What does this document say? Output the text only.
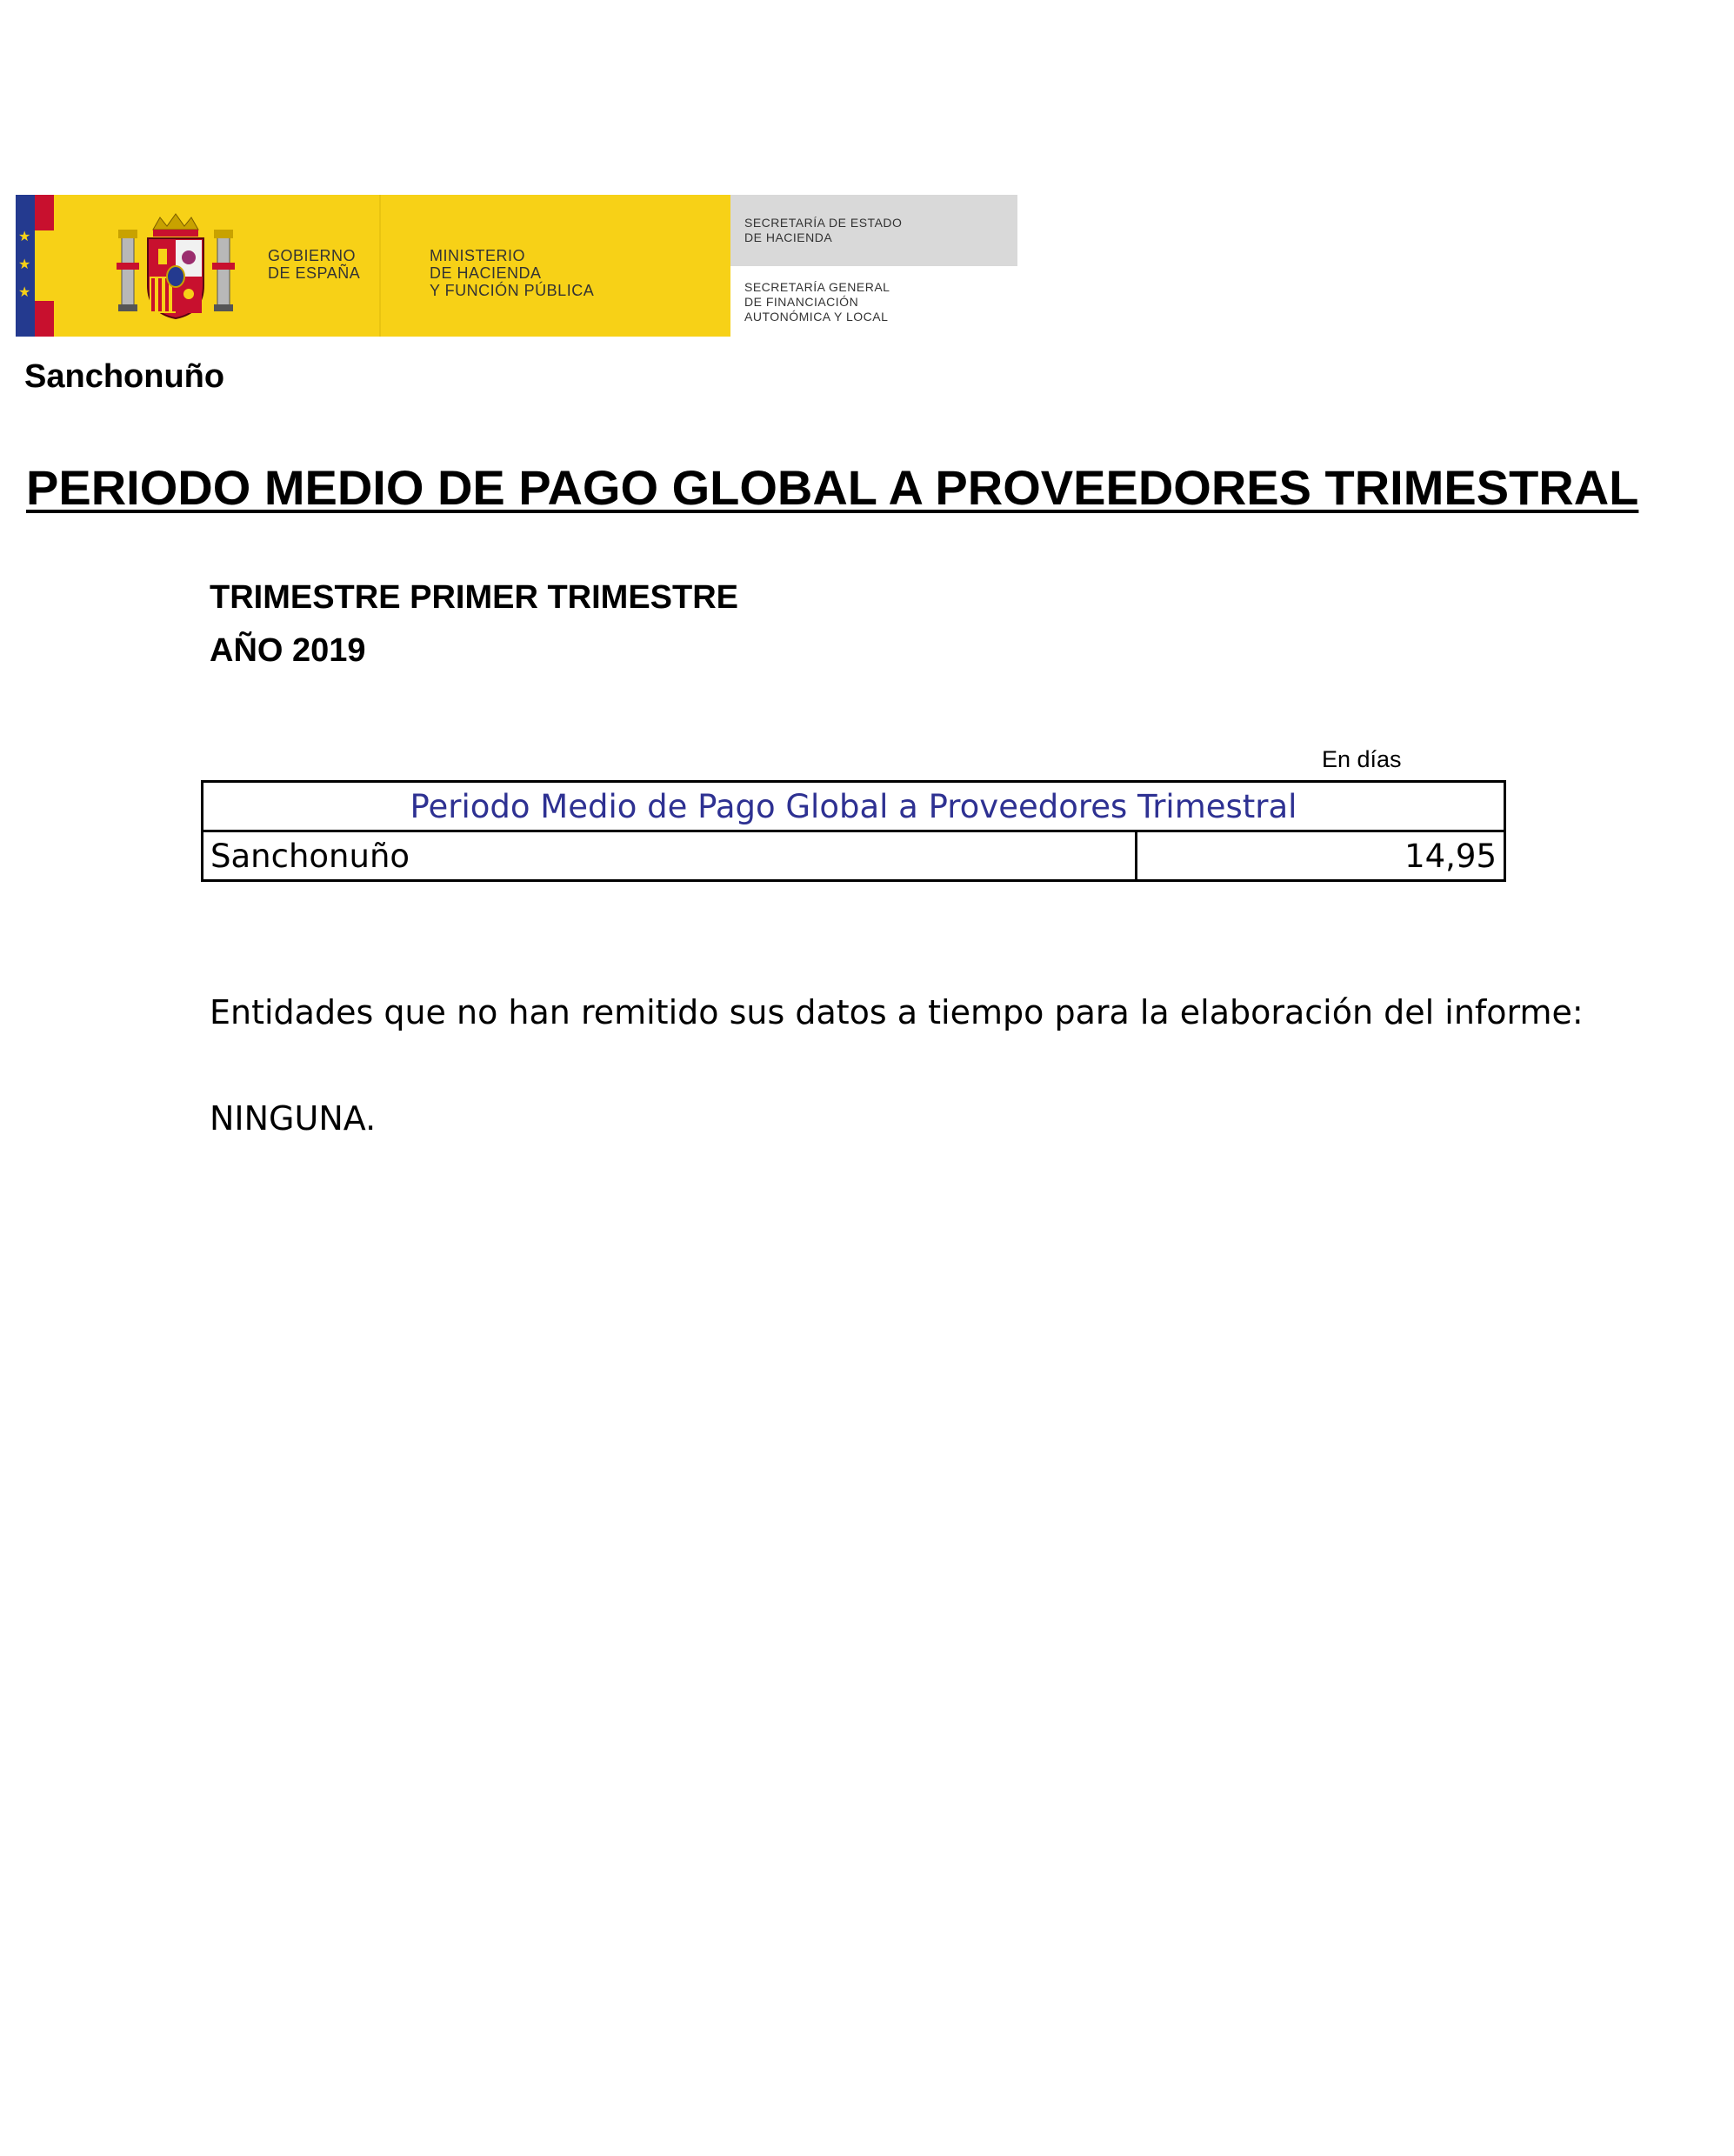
★
★
★
GOBIERNO
DE ESPAÑA
MINISTERIO
DE HACIENDA
Y FUNCIÓN PÚBLICA
SECRETARÍA DE ESTADO
DE HACIENDA
SECRETARÍA GENERAL
DE FINANCIACIÓN
AUTONÓMICA Y LOCAL
Sanchonuño
PERIODO MEDIO DE PAGO GLOBAL A PROVEEDORES TRIMESTRAL
TRIMESTRE PRIMER TRIMESTRE
AÑO 2019
En días
Periodo Medio de Pago Global a Proveedores Trimestral
Sanchonuño	14,95
Entidades que no han remitido sus datos a tiempo para la elaboración del informe:
NINGUNA.
